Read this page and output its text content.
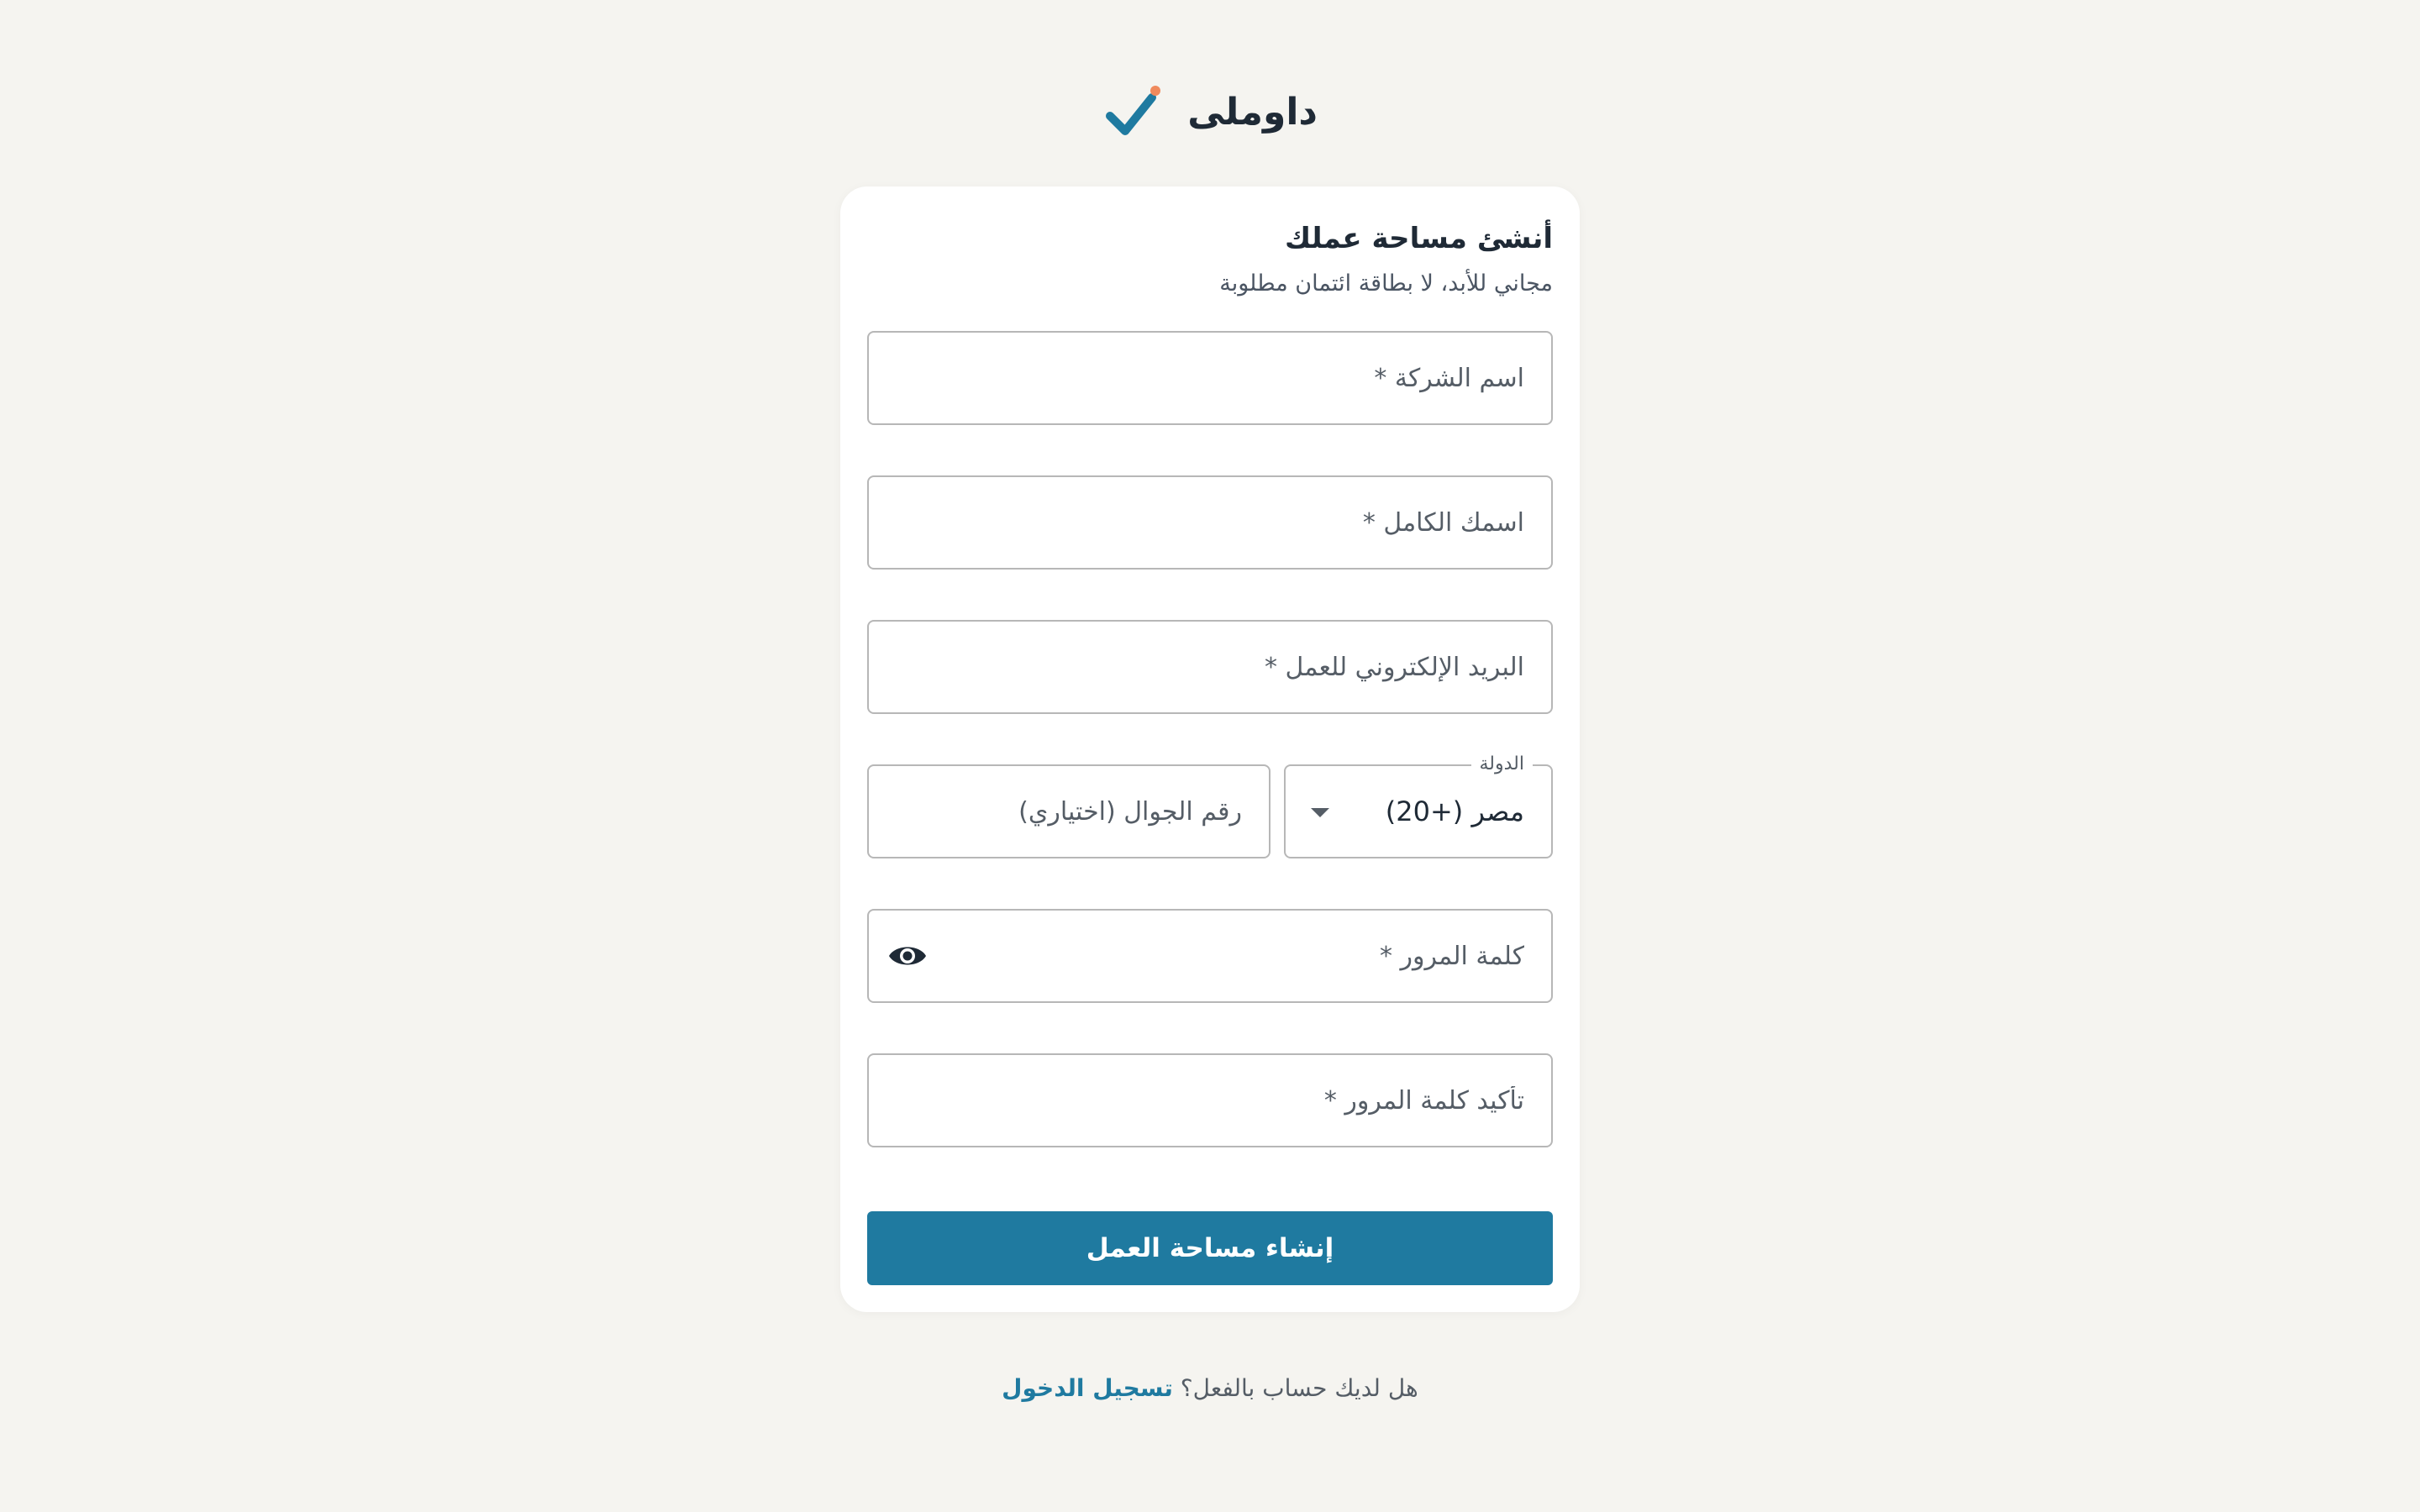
داوملى
أنشئ مساحة عملك

مجاني للأبد، لا بطاقة ائتمان مطلوبة

اسم الشركة *
اسمك الكامل *
البريد الإلكتروني للعمل *
الدولة
مصر (+20)
رقم الجوال (اختياري)
إنشاء مساحة العمل
هل لديك حساب بالفعل؟ تسجيل الدخول
